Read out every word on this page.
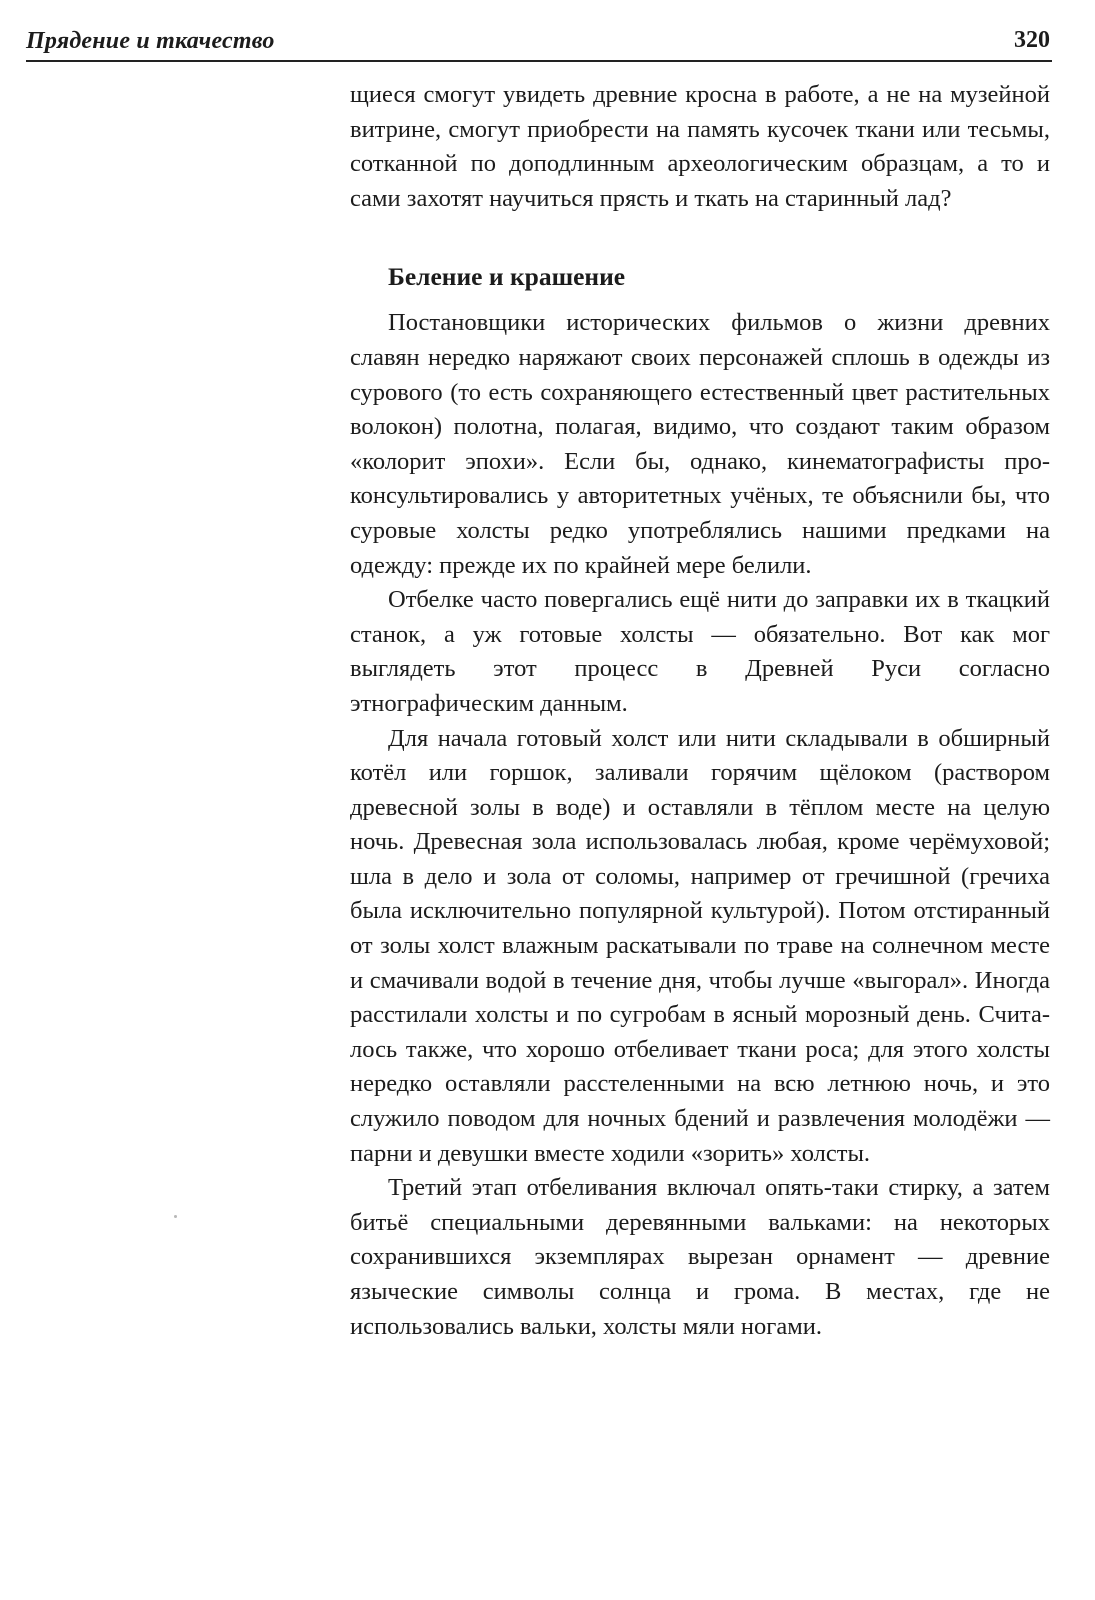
Прядение и ткачество	320

щиеся смогут увидеть древние кросна в работе, а не на музейной витрине, смогут приобрести на память кусочек ткани или тесьмы, сотканной по доподлинным археологическим образцам, а то и сами захотят научиться прясть и ткать на старинный лад?

Беление и крашение

Постановщики исторических фильмов о жизни древних славян нередко наряжают своих персонажей сплошь в одежды из сурового (то есть сохраняющего естественный цвет растительных волокон) полотна, полагая, видимо, что создают таким образом «колорит эпохи». Если бы, однако, кинематографисты проконсультировались у авторитетных учёных, те объяснили бы, что суровые холсты редко употреблялись нашими предками на одежду: прежде их по крайней мере белили.

Отбелке часто повергались ещё нити до заправки их в ткацкий станок, а уж готовые холсты — обязательно. Вот как мог выглядеть этот процесс в Древней Руси согласно этнографическим данным.

Для начала готовый холст или нити складывали в обширный котёл или горшок, заливали горячим щёлоком (раствором древесной золы в воде) и оставляли в тёплом месте на целую ночь. Древесная зола использовалась любая, кроме черёмуховой; шла в дело и зола от соломы, например от гречишной (гречиха была исключительно популярной культурой). Потом отстиранный от золы холст влажным раскатывали по траве на солнечном месте и смачивали водой в течение дня, чтобы лучше «выгорал». Иногда расстилали холсты и по сугробам в ясный морозный день. Считалось также, что хорошо отбеливает ткани роса; для этого холсты нередко оставляли расстеленными на всю летнюю ночь, и это служило поводом для ночных бдений и развлечения молодёжи — парни и девушки вместе ходили «зорить» холсты.

Третий этап отбеливания включал опять-таки стирку, а затем битьё специальными деревянными вальками: на некоторых сохранившихся экземплярах вырезан орнамент — древние языческие символы солнца и грома. В местах, где не использовались вальки, холсты мяли ногами.
